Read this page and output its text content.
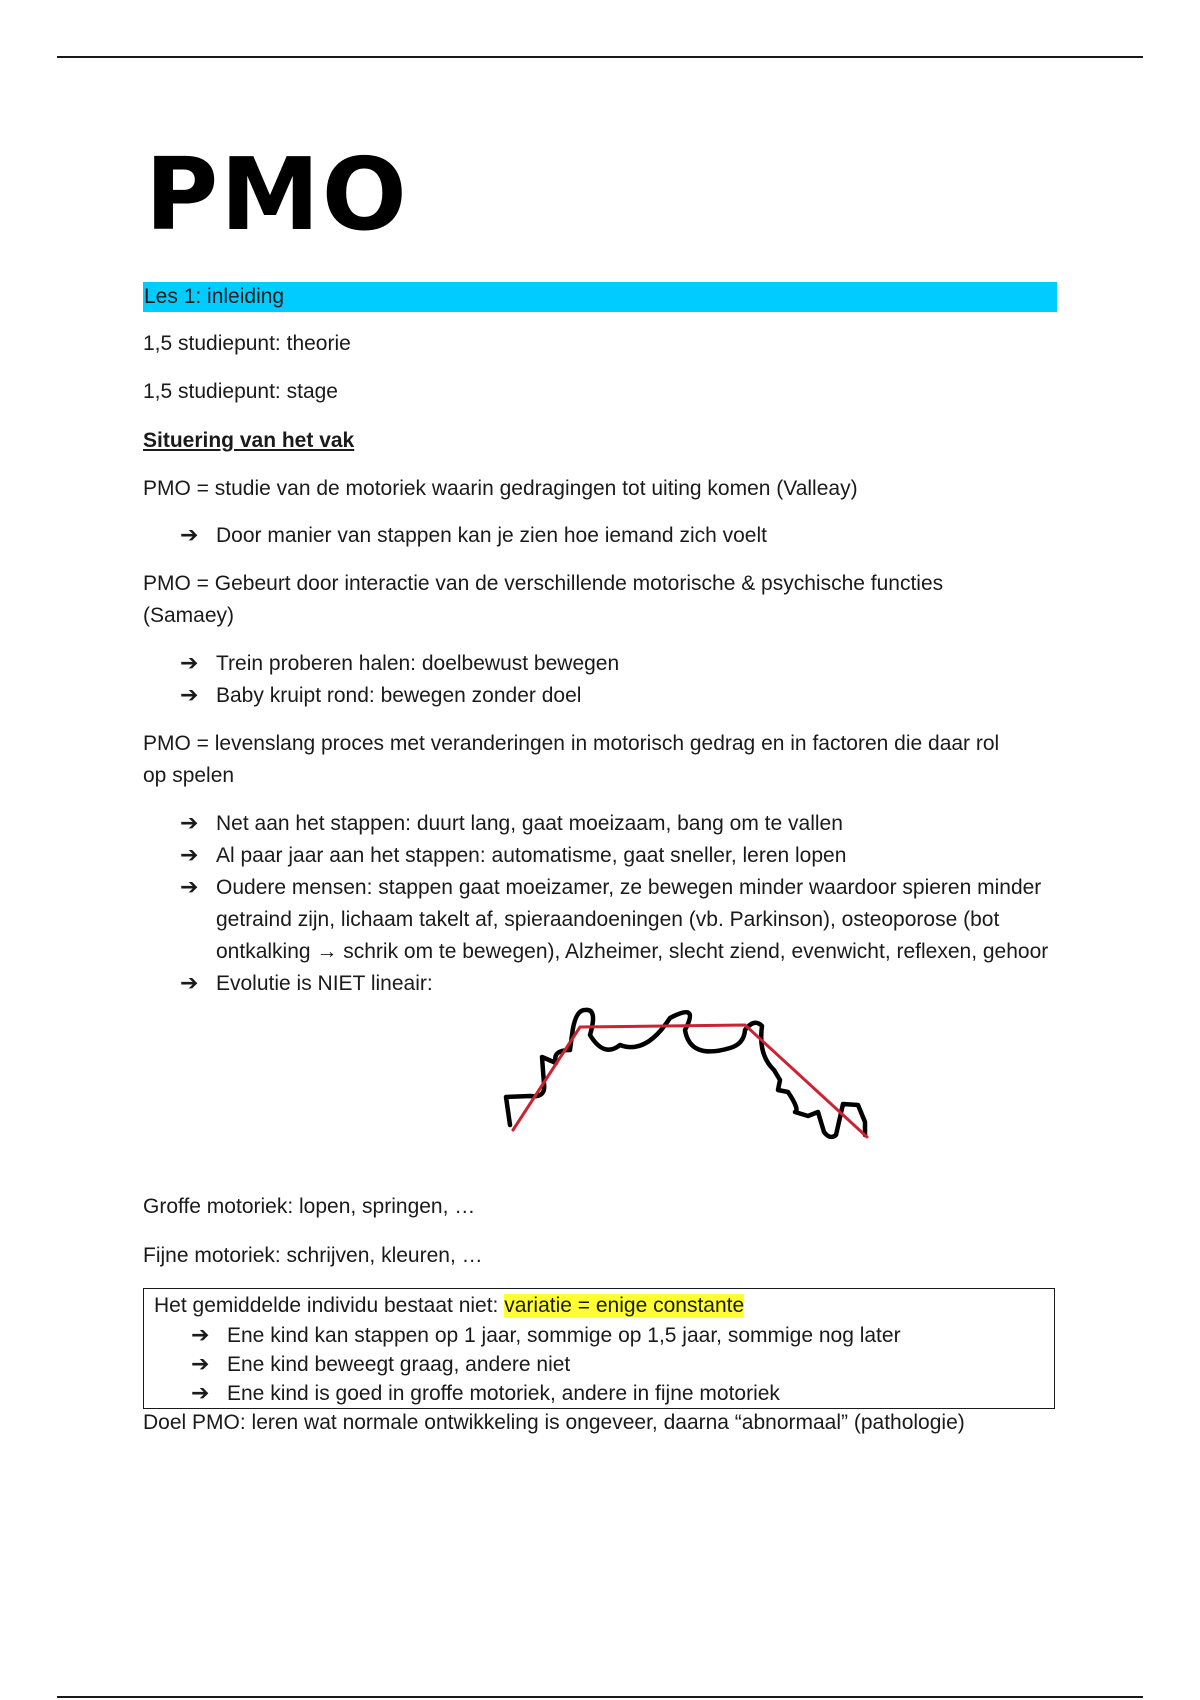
PMO
Les 1: inleiding
1,5 studiepunt: theorie
1,5 studiepunt: stage
Situering van het vak
PMO = studie van de motoriek waarin gedragingen tot uiting komen (Valleay)
➔ Door manier van stappen kan je zien hoe iemand zich voelt
PMO = Gebeurt door interactie van de verschillende motorische & psychische functies
(Samaey)
➔ Trein proberen halen: doelbewust bewegen
➔ Baby kruipt rond: bewegen zonder doel
PMO = levenslang proces met veranderingen in motorisch gedrag en in factoren die daar rol
op spelen
➔ Net aan het stappen: duurt lang, gaat moeizaam, bang om te vallen
➔ Al paar jaar aan het stappen: automatisme, gaat sneller, leren lopen
➔ Oudere mensen: stappen gaat moeizamer, ze bewegen minder waardoor spieren minder getraind zijn, lichaam takelt af, spieraandoeningen (vb. Parkinson), osteoporose (bot ontkalking → schrik om te bewegen), Alzheimer, slecht ziend, evenwicht, reflexen, gehoor
➔ Evolutie is NIET lineair:
Groffe motoriek: lopen, springen, …
Fijne motoriek: schrijven, kleuren, …
Het gemiddelde individu bestaat niet: variatie = enige constante
➔ Ene kind kan stappen op 1 jaar, sommige op 1,5 jaar, sommige nog later
➔ Ene kind beweegt graag, andere niet
➔ Ene kind is goed in groffe motoriek, andere in fijne motoriek
Doel PMO: leren wat normale ontwikkeling is ongeveer, daarna “abnormaal” (pathologie)
